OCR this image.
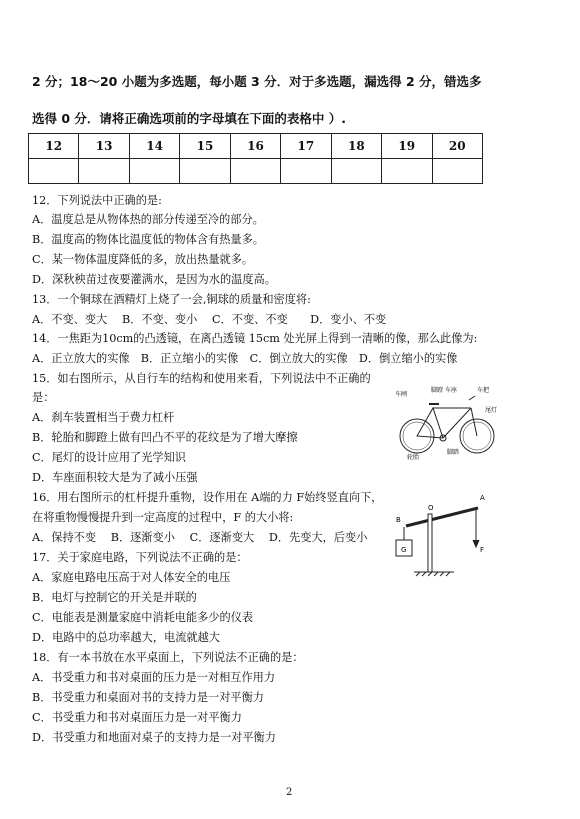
2 分；18～20 小题为多选题，每小题 3 分．对于多选题，漏选得 2 分，错选多
选得 0 分．请将正确选项前的字母填在下面的表格中 ）.
12	13	14	15	16	17	18	19	20

12．下列说法中正确的是:
A．温度总是从物体热的部分传递至冷的部分。
B．温度高的物体比温度低的物体含有热量多。
C．某一物体温度降低的多，放出热量就多。
D．深秋秧苗过夜要灌满水，是因为水的温度高。
13．一个铜球在酒精灯上烧了一会,铜球的质量和密度将:
A．不变、变大　 B．不变、变小　 C．不变、不变　　D．变小、不变
14．一焦距为10cm的凸透镜，在离凸透镜 15cm 处光屏上得到一清晰的像，那么此像为:
A．正立放大的实像　B．正立缩小的实像　C．倒立放大的实像　D．倒立缩小的实像
15．如右图所示，从自行车的结构和使用来看，下列说法中不正确的
是：
A．刹车装置相当于费力杠杆
B．轮胎和脚蹬上做有凹凸不平的花纹是为了增大摩擦
C．尾灯的设计应用了光学知识
D．车座面积较大是为了减小压强
16．用右图所示的杠杆提升重物，设作用在 A端的力 F始终竖直向下，
在将重物慢慢提升到一定高度的过程中，F 的大小将:
A．保持不变　 B．逐渐变小　 C．逐渐变大　 D．先变大，后变小
17．关于家庭电路，下列说法不正确的是：
A．家庭电路电压高于对人体安全的电压
B．电灯与控制它的开关是并联的
C．电能表是测量家庭中消耗电能多少的仪表
D．电路中的总功率越大，电流就越大
18．有一本书放在水平桌面上，下列说法不正确的是：
A．书受重力和书对桌面的压力是一对相互作用力
B．书受重力和桌面对书的支持力是一对平衡力
C．书受重力和书对桌面压力是一对平衡力
D．书受重力和地面对桌子的支持力是一对平衡力
车闸
脚蹬 车座	车把
尾灯
轮胎
脚踏
A
O
B
F
G
2
